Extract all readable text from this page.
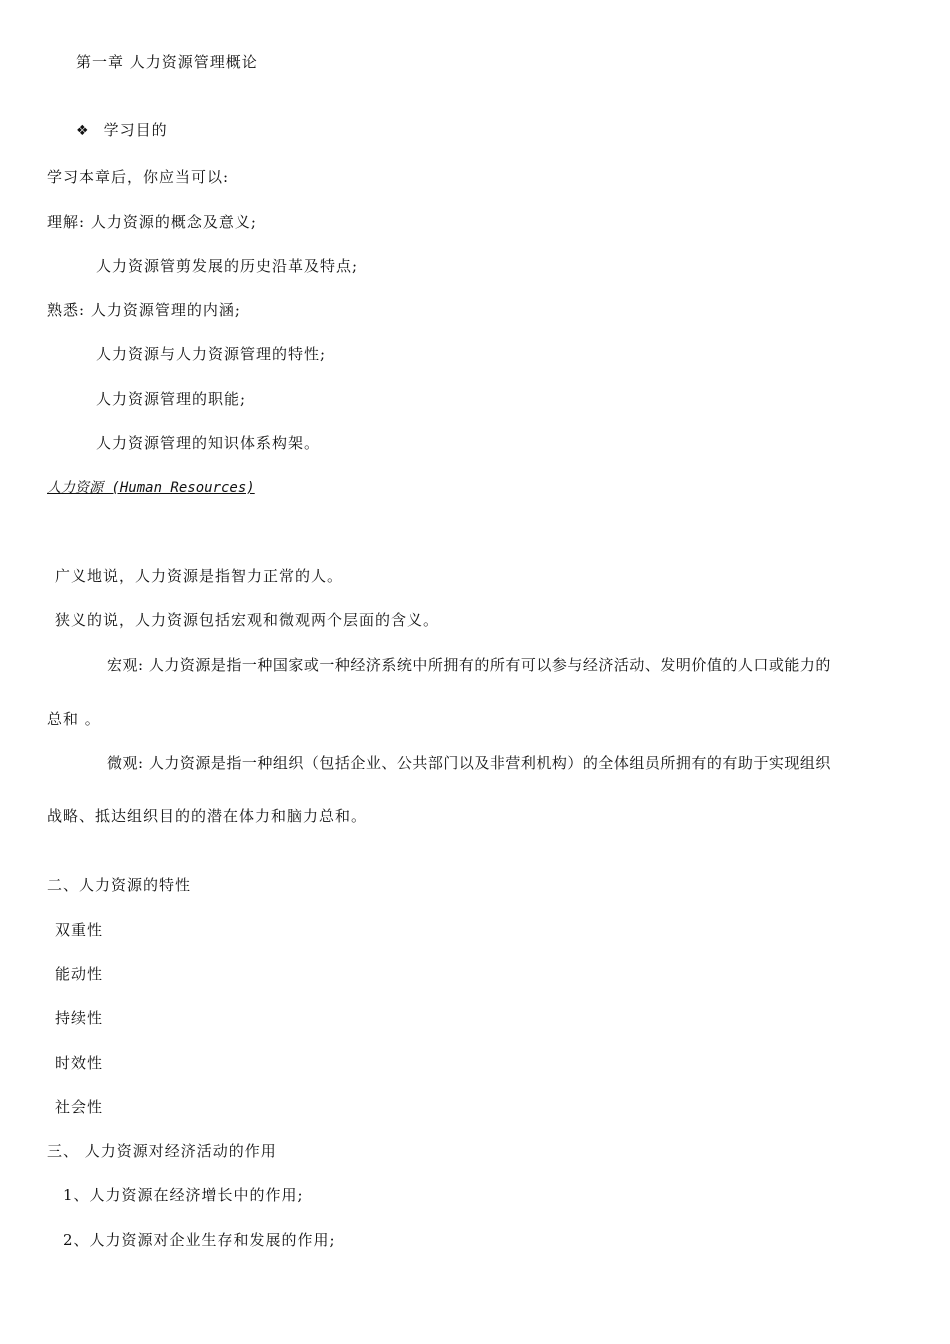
第一章 人力资源管理概论
❖ 学习目的
学习本章后，你应当可以:
理解: 人力资源的概念及意义;
人力资源管剪发展的历史沿革及特点;
熟悉: 人力资源管理的内涵;
人力资源与人力资源管理的特性;
人力资源管理的职能;
人力资源管理的知识体系构架。
人力资源 (Human Resources)
广义地说，人力资源是指智力正常的人。
狭义的说，人力资源包括宏观和微观两个层面的含义。
宏观: 人力资源是指一种国家或一种经济系统中所拥有的所有可以参与经济活动、发明价值的人口或能力的
总和 。
微观: 人力资源是指一种组织（包括企业、公共部门以及非营利机构）的全体组员所拥有的有助于实现组织
战略、抵达组织目的的潜在体力和脑力总和。
二、人力资源的特性
双重性
能动性
持续性
时效性
社会性
三、 人力资源对经济活动的作用
1、人力资源在经济增长中的作用;
2、人力资源对企业生存和发展的作用;
